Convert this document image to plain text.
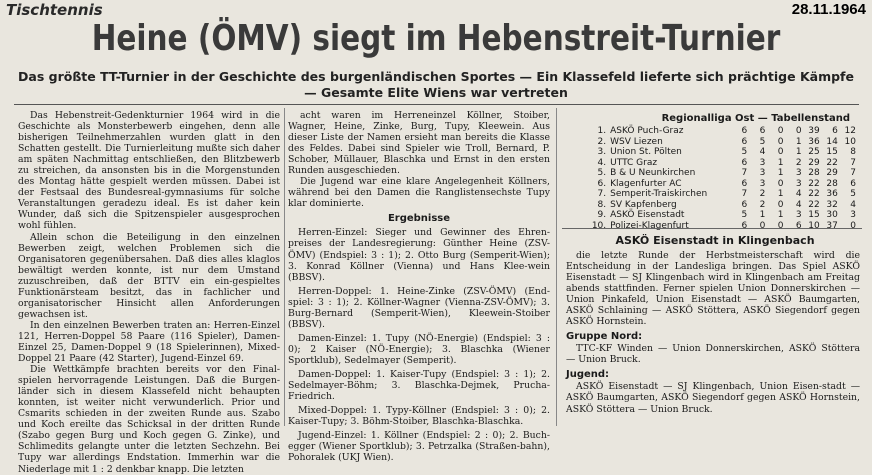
Tischtennis	28.11.1964
Heine (ÖMV) siegt im Hebenstreit-Turnier
Das größte TT-Turnier in der Geschichte des burgenländischen Sportes — Ein Klassefeld lieferte sich prächtige Kämpfe — Gesamte Elite Wiens war vertreten

Das Hebenstreit-Gedenkturnier 1964 wird in die Geschichte als Monsterbewerb eingehen, denn alle bisherigen Teilnehmerzahlen wurden glatt in den Schatten gestellt. Die Turnierleitung mußte sich daher am späten Nachmittag entschließen, den Blitzbewerb zu streichen, da ansonsten bis in die Morgenstunden des Montag hätte gespielt werden müssen. Dabei ist der Festsaal des Bundesreal-gymnasiums für solche Veranstaltungen geradezu ideal. Es ist daher kein Wunder, daß sich die Spitzenspieler ausgesprochen wohl fühlen.

Allein schon die Beteiligung in den einzelnen Bewerben zeigt, welchen Problemen sich die Organisatoren gegenübersahen. Daß dies alles klaglos bewältigt werden konnte, ist nur dem Umstand zuzuschreiben, daß der BTTV ein ein-gespieltes Funktionärsteam besitzt, das in fachlicher und organisatorischer Hinsicht allen Anforderungen gewachsen ist.

In den einzelnen Bewerben traten an: Herren-Einzel 121, Herren-Doppel 58 Paare (116 Spieler), Damen-Einzel 25, Damen-Doppel 9 (18 Spielerinnen), Mixed-Doppel 21 Paare (42 Starter), Jugend-Einzel 69.

Die Wettkämpfe brachten bereits vor den Final-spielen hervorragende Leistungen. Daß die Burgen-länder sich in diesem Klassefeld nicht behaupten konnten, ist weiter nicht verwunderlich. Prior und Csmarits schieden in der zweiten Runde aus. Szabo und Koch ereilte das Schicksal in der dritten Runde (Szabo gegen Burg und Koch gegen G. Zinke), und Schlimedits gelangte unter die letzten Sechzehn. Bei Tupy war allerdings Endstation. Immerhin war die Niederlage mit 1 : 2 denkbar knapp. Die letzten

acht waren im Herreneinzel Köllner, Stoiber, Wagner, Heine, Zinke, Burg, Tupy, Kleewein. Aus dieser Liste der Namen ersieht man bereits die Klasse des Feldes. Dabei sind Spieler wie Troll, Bernard, P. Schober, Müllauer, Blaschka und Ernst in den ersten Runden ausgeschieden.

Die Jugend war eine klare Angelegenheit Köllners, während bei den Damen die Ranglistensechste Tupy klar dominierte.

Ergebnisse

Herren-Einzel: Sieger und Gewinner des Ehren-preises der Landesregierung: Günther Heine (ZSV-ÖMV) (Endspiel: 3 : 1); 2. Otto Burg (Semperit-Wien); 3. Konrad Köllner (Vienna) und Hans Klee-wein (BBSV).

Herren-Doppel: 1. Heine-Zinke (ZSV-ÖMV) (End-spiel: 3 : 1); 2. Köllner-Wagner (Vienna-ZSV-ÖMV); 3. Burg-Bernard (Semperit-Wien), Kleewein-Stoiber (BBSV).

Damen-Einzel: 1. Tupy (NÖ-Energie) (Endspiel: 3 : 0); 2 Kaiser (NÖ-Energie); 3. Blaschka (Wiener Sportklub), Sedelmayer (Semperit).

Damen-Doppel: 1. Kaiser-Tupy (Endspiel: 3 : 1); 2. Sedelmayer-Böhm; 3. Blaschka-Dejmek, Prucha-Friedrich.

Mixed-Doppel: 1. Typy-Köllner (Endspiel: 3 : 0); 2. Kaiser-Tupy; 3. Böhm-Stoiber, Blaschka-Blaschka.

Jugend-Einzel: 1. Köllner (Endspiel: 2 : 0); 2. Buch-egger (Wiener Sportklub); 3. Petrzalka (Straßen-bahn), Pohoralek (UKJ Wien).

Regionalliga Ost — Tabellenstand
1.	ASKÖ Puch-Graz	6	6	0	0	39	6	12
2.	WSV Liezen	6	5	0	1	36	14	10
3.	Union St. Pölten	5	4	0	1	25	15	8
4.	UTTC Graz	6	3	1	2	29	22	7
5.	B & U Neunkirchen	7	3	1	3	28	29	7
6.	Klagenfurter AC	6	3	0	3	22	28	6
7.	Semperit-Traiskirchen	7	2	1	4	22	36	5
8.	SV Kapfenberg	6	2	0	4	22	32	4
9.	ASKÖ Eisenstadt	5	1	1	3	15	30	3
10.	Polizei-Klagenfurt	6	0	0	6	10	37	0
ASKÖ Eisenstadt in Klingenbach

die letzte Runde der Herbstmeisterschaft wird die Entscheidung in der Landesliga bringen. Das Spiel ASKÖ Eisenstadt — SJ Klingenbach wird in Klingenbach am Freitag abends stattfinden. Ferner spielen Union Donnerskirchen — Union Pinkafeld, Union Eisenstadt — ASKÖ Baumgarten, ASKÖ Schlaining — ASKÖ Stöttera, ASKÖ Siegendorf gegen ASKÖ Hornstein.

Gruppe Nord:

TTC-KF Winden — Union Donnerskirchen, ASKÖ Stöttera — Union Bruck.

Jugend:

ASKÖ Eisenstadt — SJ Klingenbach, Union Eisen-stadt — ASKÖ Baumgarten, ASKÖ Siegendorf gegen ASKÖ Hornstein, ASKÖ Stöttera — Union Bruck.
